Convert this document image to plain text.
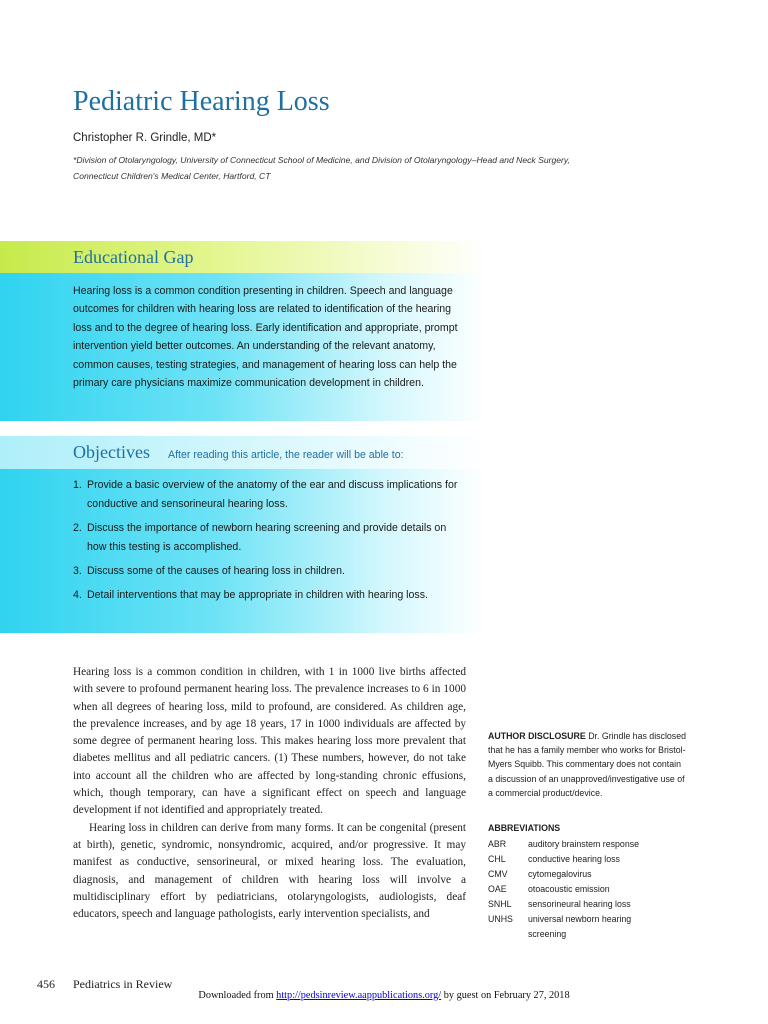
Pediatric Hearing Loss
Christopher R. Grindle, MD*
*Division of Otolaryngology, University of Connecticut School of Medicine, and Division of Otolaryngology–Head and Neck Surgery, Connecticut Children's Medical Center, Hartford, CT
Educational Gap
Hearing loss is a common condition presenting in children. Speech and language outcomes for children with hearing loss are related to identification of the hearing loss and to the degree of hearing loss. Early identification and appropriate, prompt intervention yield better outcomes. An understanding of the relevant anatomy, common causes, testing strategies, and management of hearing loss can help the primary care physicians maximize communication development in children.
Objectives After reading this article, the reader will be able to:
1. Provide a basic overview of the anatomy of the ear and discuss implications for conductive and sensorineural hearing loss.
2. Discuss the importance of newborn hearing screening and provide details on how this testing is accomplished.
3. Discuss some of the causes of hearing loss in children.
4. Detail interventions that may be appropriate in children with hearing loss.

Hearing loss is a common condition in children, with 1 in 1000 live births affected with severe to profound permanent hearing loss. The prevalence increases to 6 in 1000 when all degrees of hearing loss, mild to profound, are considered. As children age, the prevalence increases, and by age 18 years, 17 in 1000 individuals are affected by some degree of permanent hearing loss. This makes hearing loss more prevalent that diabetes mellitus and all pediatric cancers. (1) These numbers, however, do not take into account all the children who are affected by long-standing chronic effusions, which, though temporary, can have a significant effect on speech and language development if not identified and appropriately treated.

Hearing loss in children can derive from many forms. It can be congenital (present at birth), genetic, syndromic, nonsyndromic, acquired, and/or progressive. It may manifest as conductive, sensorineural, or mixed hearing loss. The evaluation, diagnosis, and management of children with hearing loss will involve a multidisciplinary effort by pediatricians, otolaryngologists, audiologists, deaf educators, speech and language pathologists, early intervention specialists, and

AUTHOR DISCLOSURE Dr. Grindle has disclosed that he has a family member who works for Bristol-Myers Squibb. This commentary does not contain a discussion of an unapproved/investigative use of a commercial product/device.
ABBREVIATIONS
ABR	auditory brainstem response
CHL	conductive hearing loss
CMV	cytomegalovirus
OAE	otoacoustic emission
SNHL	sensorineural hearing loss
UNHS	universal newborn hearing screening
456 Pediatrics in Review
Downloaded from http://pedsinreview.aappublications.org/ by guest on February 27, 2018
